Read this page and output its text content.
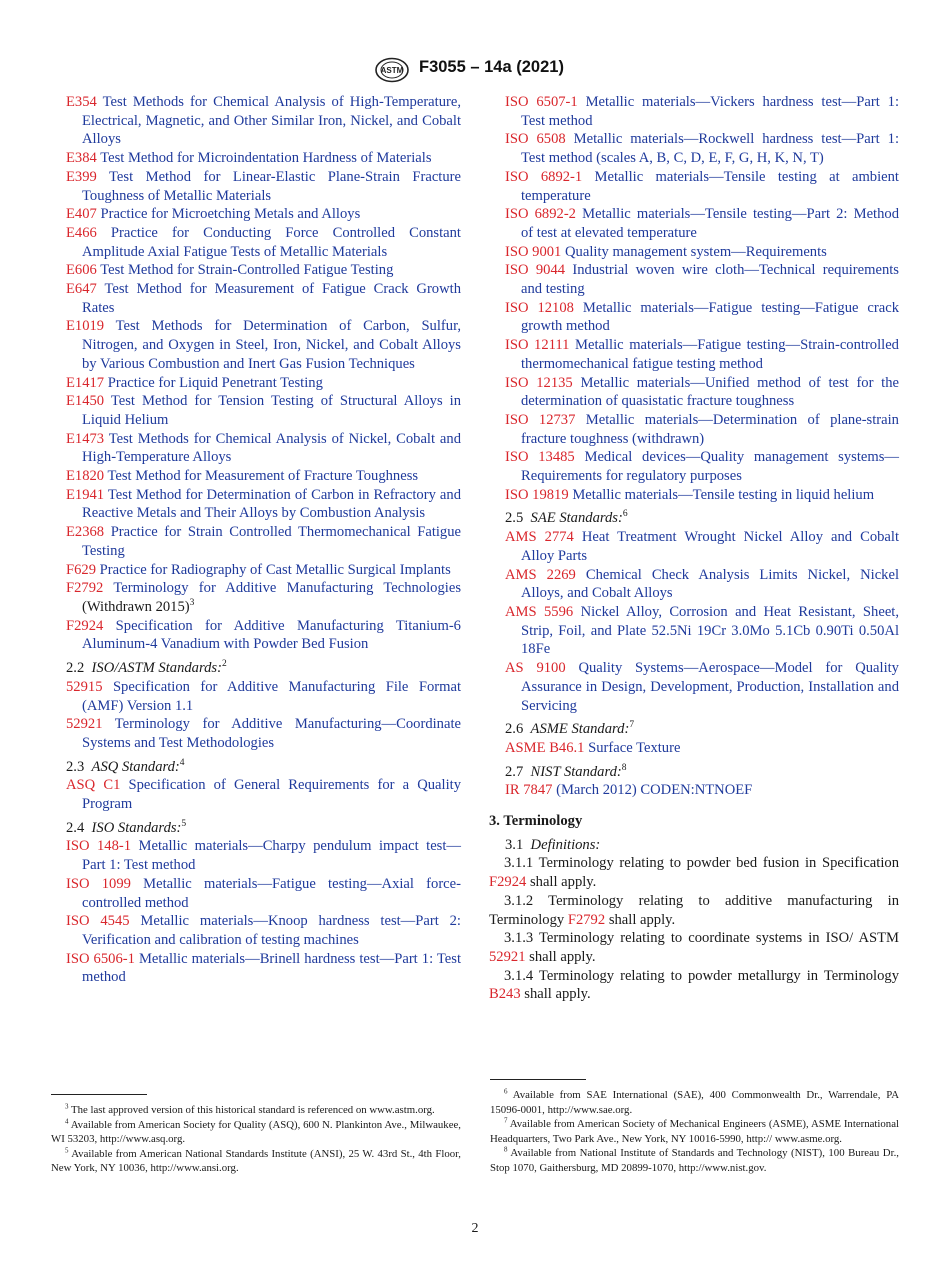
ASTM F3055 – 14a (2021)

E354 Test Methods for Chemical Analysis of High-Temperature, Electrical, Magnetic, and Other Similar Iron, Nickel, and Cobalt Alloys

E384 Test Method for Microindentation Hardness of Materials

E399 Test Method for Linear-Elastic Plane-Strain Fracture Toughness of Metallic Materials

E407 Practice for Microetching Metals and Alloys

E466 Practice for Conducting Force Controlled Constant Amplitude Axial Fatigue Tests of Metallic Materials

E606 Test Method for Strain-Controlled Fatigue Testing

E647 Test Method for Measurement of Fatigue Crack Growth Rates

E1019 Test Methods for Determination of Carbon, Sulfur, Nitrogen, and Oxygen in Steel, Iron, Nickel, and Cobalt Alloys by Various Combustion and Inert Gas Fusion Techniques

E1417 Practice for Liquid Penetrant Testing

E1450 Test Method for Tension Testing of Structural Alloys in Liquid Helium

E1473 Test Methods for Chemical Analysis of Nickel, Cobalt and High-Temperature Alloys

E1820 Test Method for Measurement of Fracture Toughness

E1941 Test Method for Determination of Carbon in Refractory and Reactive Metals and Their Alloys by Combustion Analysis

E2368 Practice for Strain Controlled Thermomechanical Fatigue Testing

F629 Practice for Radiography of Cast Metallic Surgical Implants

F2792 Terminology for Additive Manufacturing Technologies (Withdrawn 2015)$^3$

F2924 Specification for Additive Manufacturing Titanium-6 Aluminum-4 Vanadium with Powder Bed Fusion

2.2 ISO/ASTM Standards:$^2$

52915 Specification for Additive Manufacturing File Format (AMF) Version 1.1

52921 Terminology for Additive Manufacturing—Coordinate Systems and Test Methodologies

2.3 ASQ Standard:$^4$

ASQ C1 Specification of General Requirements for a Quality Program

2.4 ISO Standards:$^5$

ISO 148-1 Metallic materials—Charpy pendulum impact test—Part 1: Test method

ISO 1099 Metallic materials—Fatigue testing—Axial force-controlled method

ISO 4545 Metallic materials—Knoop hardness test—Part 2: Verification and calibration of testing machines

ISO 6506-1 Metallic materials—Brinell hardness test—Part 1: Test method

ISO 6507-1 Metallic materials—Vickers hardness test—Part 1: Test method

ISO 6508 Metallic materials—Rockwell hardness test—Part 1: Test method (scales A, B, C, D, E, F, G, H, K, N, T)

ISO 6892-1 Metallic materials—Tensile testing at ambient temperature

ISO 6892-2 Metallic materials—Tensile testing—Part 2: Method of test at elevated temperature

ISO 9001 Quality management system—Requirements

ISO 9044 Industrial woven wire cloth—Technical requirements and testing

ISO 12108 Metallic materials—Fatigue testing—Fatigue crack growth method

ISO 12111 Metallic materials—Fatigue testing—Strain-controlled thermomechanical fatigue testing method

ISO 12135 Metallic materials—Unified method of test for the determination of quasistatic fracture toughness

ISO 12737 Metallic materials—Determination of plane-strain fracture toughness (withdrawn)

ISO 13485 Medical devices—Quality management systems—Requirements for regulatory purposes

ISO 19819 Metallic materials—Tensile testing in liquid helium

2.5 SAE Standards:$^6$

AMS 2774 Heat Treatment Wrought Nickel Alloy and Cobalt Alloy Parts

AMS 2269 Chemical Check Analysis Limits Nickel, Nickel Alloys, and Cobalt Alloys

AMS 5596 Nickel Alloy, Corrosion and Heat Resistant, Sheet, Strip, Foil, and Plate 52.5Ni 19Cr 3.0Mo 5.1Cb 0.90Ti 0.50Al 18Fe

AS 9100 Quality Systems—Aerospace—Model for Quality Assurance in Design, Development, Production, Installation and Servicing

2.6 ASME Standard:$^7$

ASME B46.1 Surface Texture

2.7 NIST Standard:$^8$

IR 7847 (March 2012) CODEN:NTNOEF

3. Terminology

3.1 Definitions:

3.1.1 Terminology relating to powder bed fusion in Specification F2924 shall apply.

3.1.2 Terminology relating to additive manufacturing in Terminology F2792 shall apply.

3.1.3 Terminology relating to coordinate systems in ISO/ ASTM 52921 shall apply.

3.1.4 Terminology relating to powder metallurgy in Terminology B243 shall apply.

$^3$ The last approved version of this historical standard is referenced on www.astm.org.

$^4$ Available from American Society for Quality (ASQ), 600 N. Plankinton Ave., Milwaukee, WI 53203, http://www.asq.org.

$^5$ Available from American National Standards Institute (ANSI), 25 W. 43rd St., 4th Floor, New York, NY 10036, http://www.ansi.org.

$^6$ Available from SAE International (SAE), 400 Commonwealth Dr., Warrendale, PA 15096-0001, http://www.sae.org.

$^7$ Available from American Society of Mechanical Engineers (ASME), ASME International Headquarters, Two Park Ave., New York, NY 10016-5990, http:// www.asme.org.

$^8$ Available from National Institute of Standards and Technology (NIST), 100 Bureau Dr., Stop 1070, Gaithersburg, MD 20899-1070, http://www.nist.gov.

2
